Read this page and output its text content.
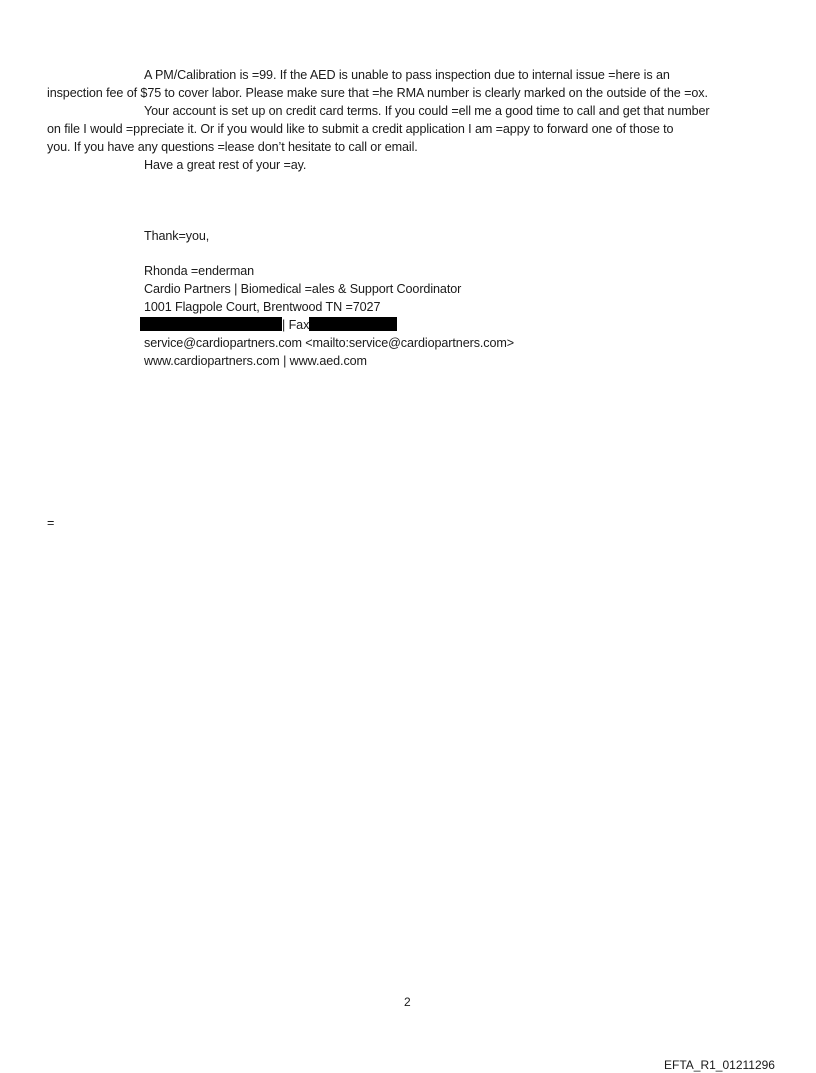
A PM/Calibration is =99. If the AED is unable to pass inspection due to internal issue =here is an
inspection fee of $75 to cover labor. Please make sure that =he RMA number is clearly marked on the outside of the =ox.
Your account is set up on credit card terms. If you could =ell me a good time to call and get that number
on file I would =ppreciate it. Or if you would like to submit a credit application I am =appy to forward one of those to
you. If you have any questions =lease don’t hesitate to call or email.
Have a great rest of your =ay.
Thank=you,
Rhonda =enderman
Cardio Partners | Biomedical =ales & Support Coordinator
1001 Flagpole Court, Brentwood TN =7027
| Fax
service@cardiopartners.com <mailto:service@cardiopartners.com>
www.cardiopartners.com | www.aed.com
=
2
EFTA_R1_01211296
